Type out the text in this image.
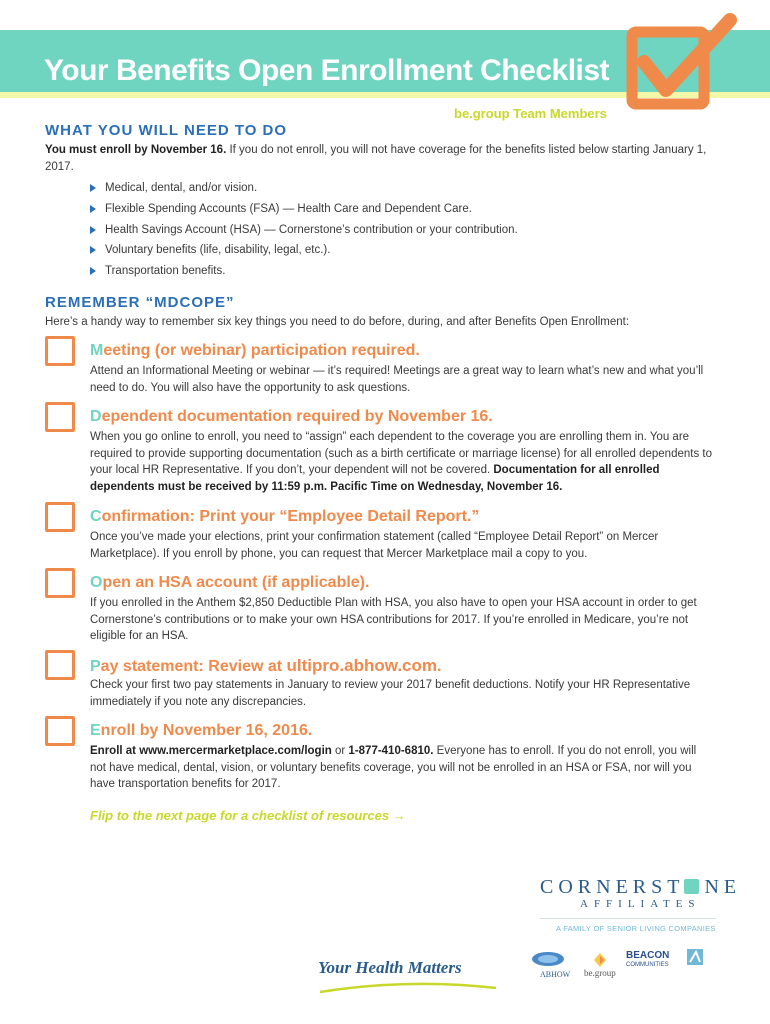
Your Benefits Open Enrollment Checklist
be.group Team Members
WHAT YOU WILL NEED TO DO
You must enroll by November 16. If you do not enroll, you will not have coverage for the benefits listed below starting January 1, 2017.
Medical, dental, and/or vision.
Flexible Spending Accounts (FSA) — Health Care and Dependent Care.
Health Savings Account (HSA) — Cornerstone’s contribution or your contribution.
Voluntary benefits (life, disability, legal, etc.).
Transportation benefits.
REMEMBER “MDCOPE”
Here’s a handy way to remember six key things you need to do before, during, and after Benefits Open Enrollment:
Meeting (or webinar) participation required.
Attend an Informational Meeting or webinar — it’s required! Meetings are a great way to learn what’s new and what you’ll need to do. You will also have the opportunity to ask questions.
Dependent documentation required by November 16.
When you go online to enroll, you need to “assign” each dependent to the coverage you are enrolling them in. You are required to provide supporting documentation (such as a birth certificate or marriage license) for all enrolled dependents to your local HR Representative. If you don’t, your dependent will not be covered. Documentation for all enrolled dependents must be received by 11:59 p.m. Pacific Time on Wednesday, November 16.
Confirmation: Print your “Employee Detail Report.”
Once you’ve made your elections, print your confirmation statement (called “Employee Detail Report” on Mercer Marketplace). If you enroll by phone, you can request that Mercer Marketplace mail a copy to you.
Open an HSA account (if applicable).
If you enrolled in the Anthem $2,850 Deductible Plan with HSA, you also have to open your HSA account in order to get Cornerstone’s contributions or to make your own HSA contributions for 2017. If you’re enrolled in Medicare, you’re not eligible for an HSA.
Pay statement: Review at ultipro.abhow.com.
Check your first two pay statements in January to review your 2017 benefit deductions. Notify your HR Representative immediately if you note any discrepancies.
Enroll by November 16, 2016.
Enroll at www.mercermarketplace.com/login or 1-877-410-6810. Everyone has to enroll. If you do not enroll, you will not have medical, dental, vision, or voluntary benefits coverage, you will not be enrolled in an HSA or FSA, nor will you have transportation benefits for 2017.
Flip to the next page for a checklist of resources →
CORNERST NE
AFFILIATES
A FAMILY OF SENIOR LIVING COMPANIES
Your Health Matters	ABHOW be.group
BEACON
COMMUNITIES
